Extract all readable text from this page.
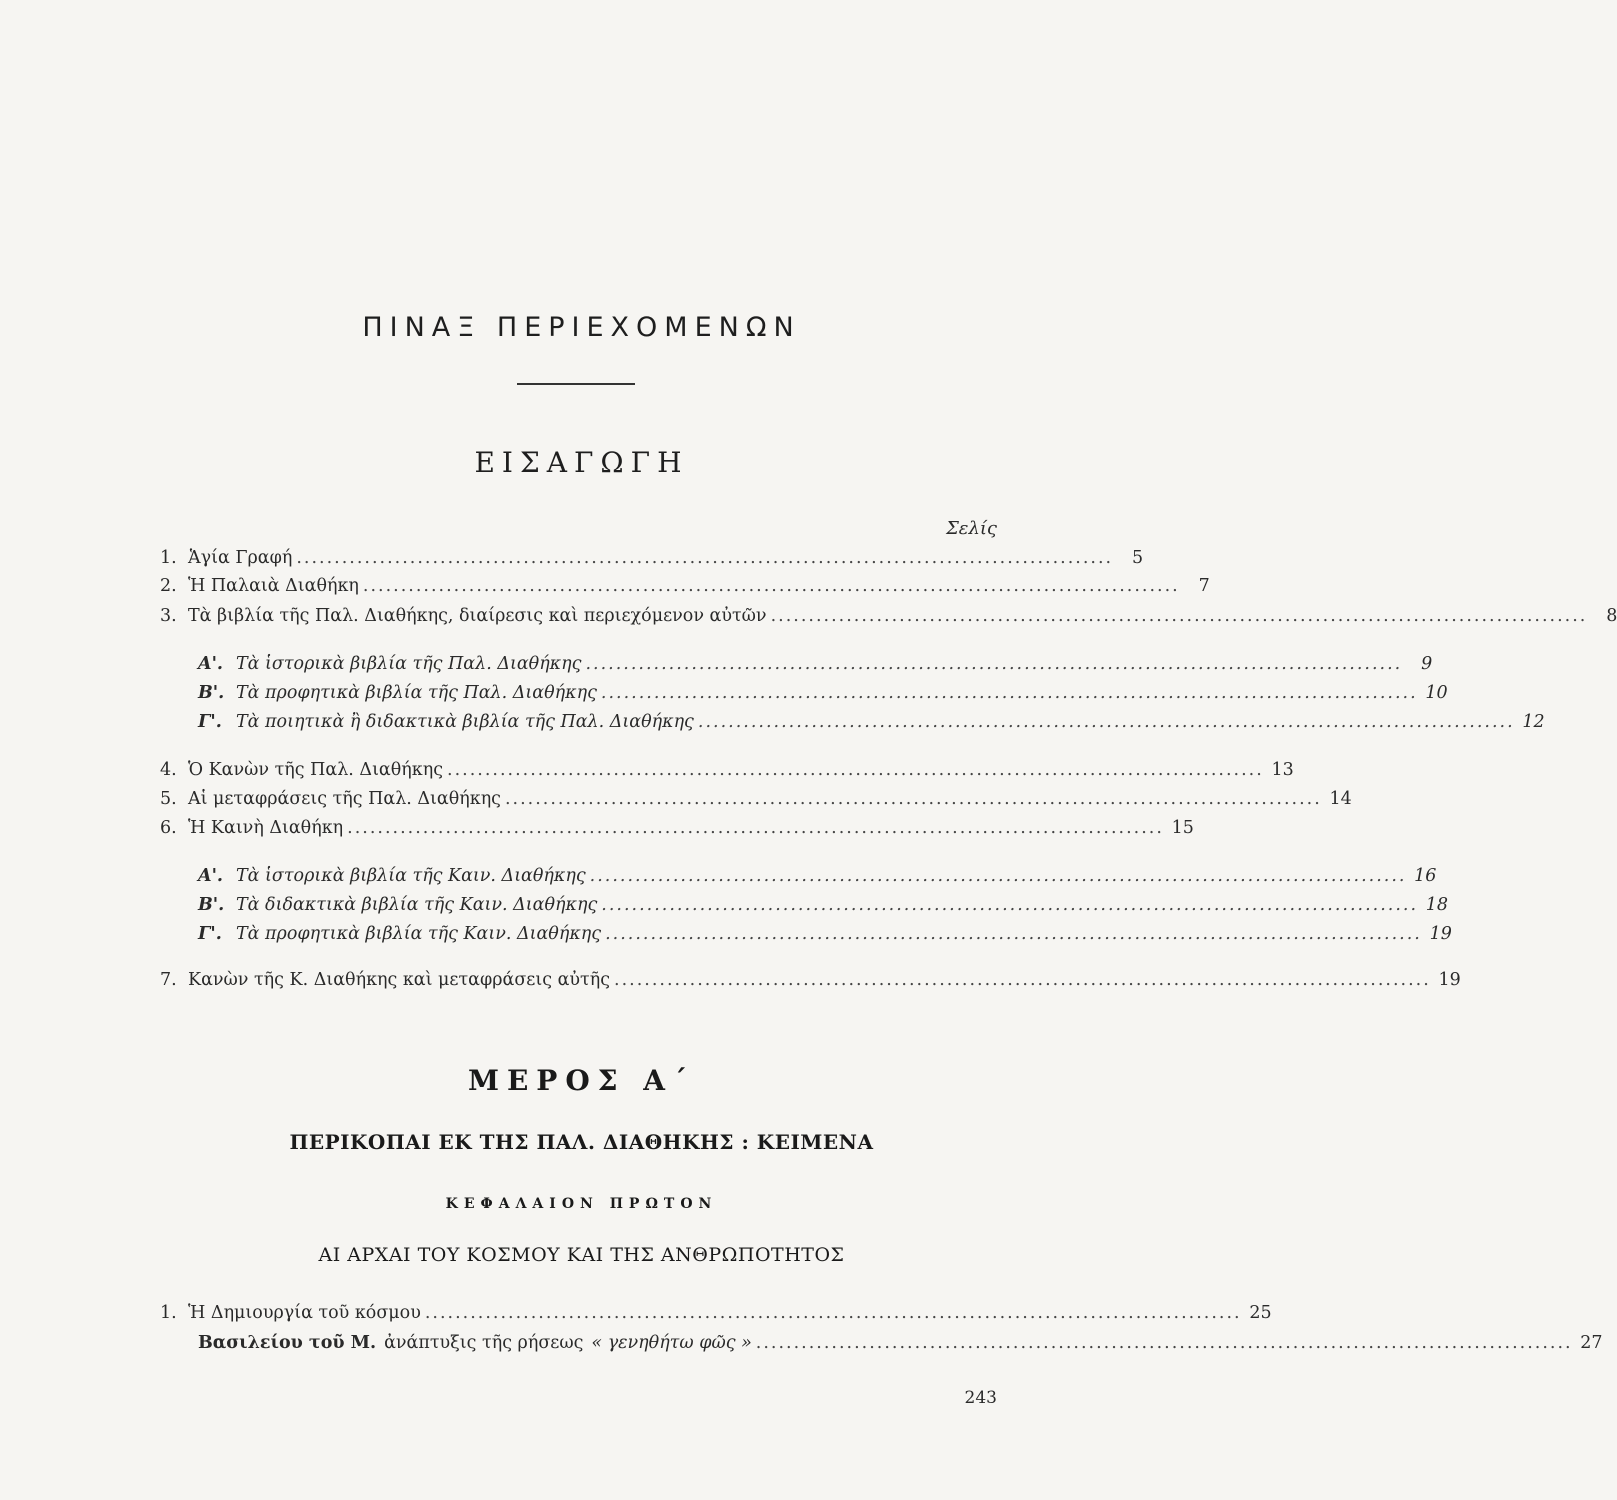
ΠΙΝΑΞ ΠΕΡΙΕΧΟΜΕΝΩΝ
ΕΙΣΑΓΩΓΗ
Σελίς
1. Ἁγία Γραφή ............................................................................................................	5
2. Ἡ Παλαιὰ Διαθήκη ............................................................................................................	7
3. Τὰ βιβλία τῆς Παλ. Διαθήκης, διαίρεσις καὶ περιεχόμενον αὐτῶν ............................................................................................................	8
Α'. Τὰ ἱστορικὰ βιβλία τῆς Παλ. Διαθήκης ............................................................................................................	9
Β'. Τὰ προφητικὰ βιβλία τῆς Παλ. Διαθήκης ............................................................................................................ 10
Γ'. Τὰ ποιητικὰ ἢ διδακτικὰ βιβλία τῆς Παλ. Διαθήκης ............................................................................................................ 12
4. Ὁ Κανὼν τῆς Παλ. Διαθήκης ............................................................................................................ 13
5. Αἱ μεταφράσεις τῆς Παλ. Διαθήκης ............................................................................................................ 14
6. Ἡ Καινὴ Διαθήκη ............................................................................................................ 15
Α'. Τὰ ἱστορικὰ βιβλία τῆς Καιν. Διαθήκης ............................................................................................................ 16
Β'. Τὰ διδακτικὰ βιβλία τῆς Καιν. Διαθήκης ............................................................................................................ 18
Γ'. Τὰ προφητικὰ βιβλία τῆς Καιν. Διαθήκης ............................................................................................................ 19
7. Κανὼν τῆς Κ. Διαθήκης καὶ μεταφράσεις αὐτῆς ............................................................................................................ 19
ΜΕΡΟΣ Α΄
ΠΕΡΙΚΟΠΑΙ ΕΚ ΤΗΣ ΠΑΛ. ΔΙΑΘΗΚΗΣ : ΚΕΙΜΕΝΑ
ΚΕΦΑΛΑΙΟΝ ΠΡΩΤΟΝ
ΑΙ ΑΡΧΑΙ ΤΟΥ ΚΟΣΜΟΥ ΚΑΙ ΤΗΣ ΑΝΘΡΩΠΟΤΗΤΟΣ
1. Ἡ Δημιουργία τοῦ κόσμου ............................................................................................................ 25
Βασιλείου τοῦ Μ. ἀνάπτυξις τῆς ρήσεως « γενηθήτω φῶς » ............................................................................................................ 27
243
